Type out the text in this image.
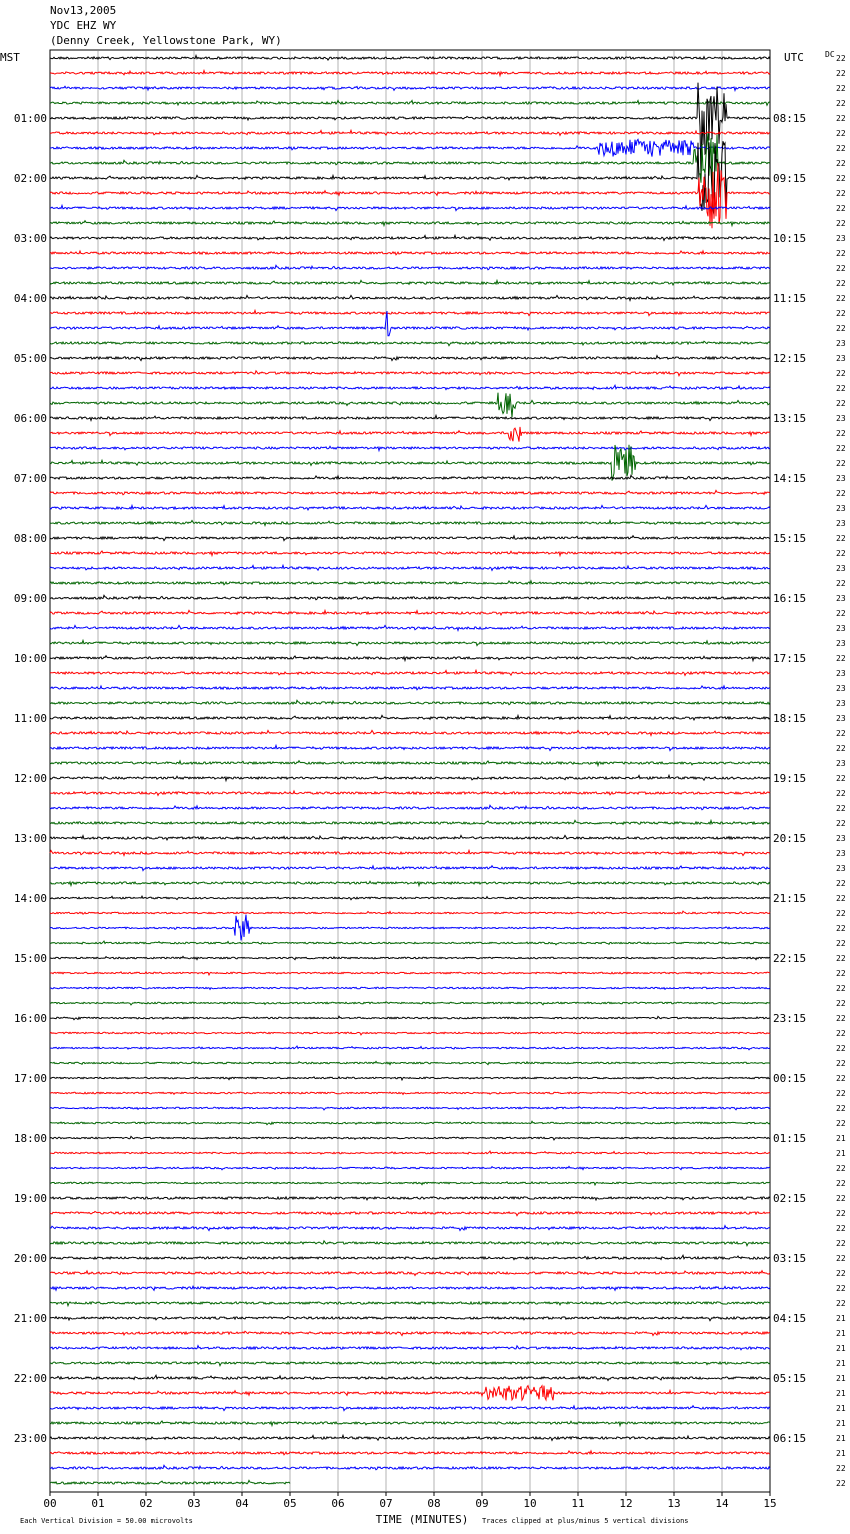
Nov13,2005
YDC EHZ WY
(Denny Creek, Yellowstone Park, WY)
MST	UTC
01:00
02:00
03:00
04:00
05:00
06:00
07:00
08:00
09:00
10:00
11:00
12:00
13:00
14:00
15:00
16:00
17:00
18:00
19:00
20:00
21:00
22:00
23:00
08:15
09:15
10:15
11:15
12:15
13:15
14:15
15:15
16:15
17:15
18:15
19:15
20:15
21:15
22:15
23:15
00:15
01:15
02:15
03:15
04:15
05:15
06:15
DC 22
22
22
22
22
22
22
22
22
22
22
22
23
22
22
22
22
22
22
23
23
22
22
22
23
22
22
22
23
22
23
23
22
22
23
22
23
22
23
23
22
23
23
23
23
22
22
23
22
22
22
22
23
23
23
22
22
22
22
22
22
22
22
22
22
22
22
22
22
22
22
22
21
21
22
22
22
22
22
22
22
22
22
22
21
21
21
21
21
21
21
21
21
21
22
22
00	01	02	03	04	05	06	07	08	09	10	11	12	13	14	15
TIME (MINUTES)
Each Vertical Division = 50.00 microvolts	Traces clipped at plus/minus 5 vertical divisions
